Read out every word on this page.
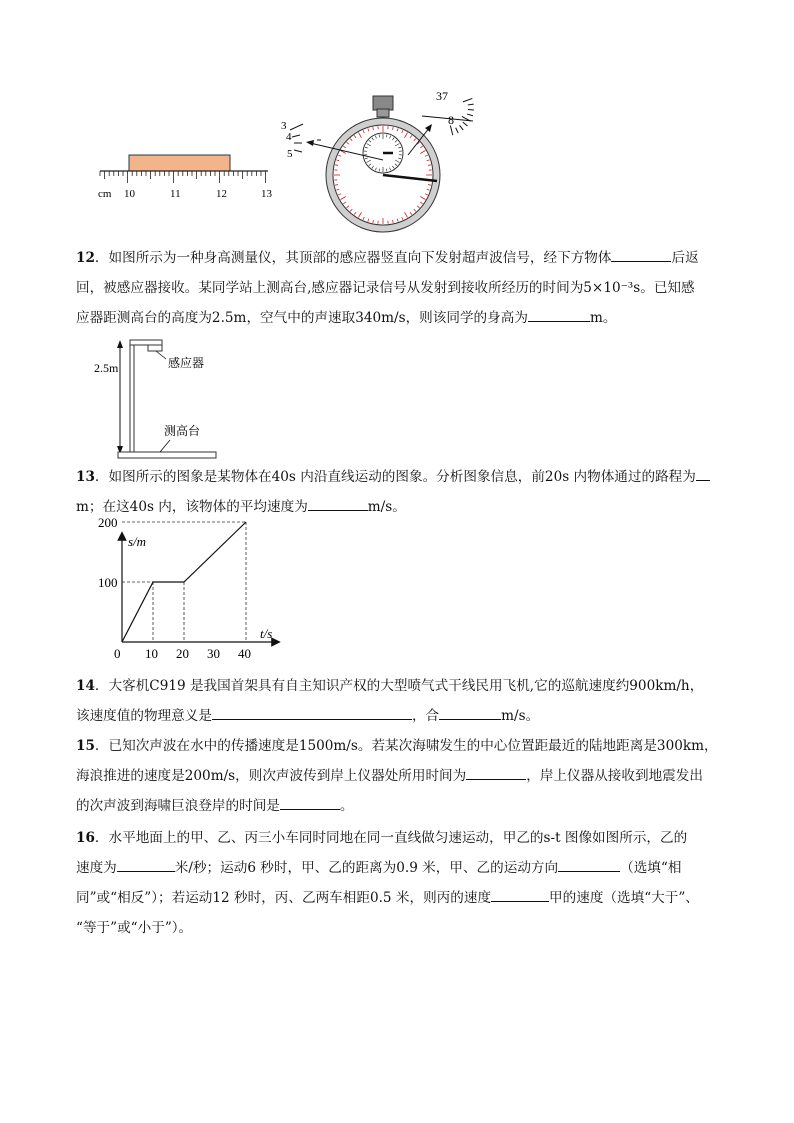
cm 10	11	12	13
3
4
5
37
8
12．如图所示为一种身高测量仪，其顶部的感应器竖直向下发射超声波信号，经下方物体	后返
回，被感应器接收。某同学站上测高台,感应器记录信号从发射到接收所经历的时间为5×10⁻³s。已知感
应器距测高台的高度为2.5m，空气中的声速取340m/s，则该同学的身高为	m。
2.5m	感应器
测高台
13．如图所示的图象是某物体在40s 内沿直线运动的图象。分析图象信息，前20s 内物体通过的路程为
m；在这40s 内，该物体的平均速度为	m/s。
0 10 20 30 40
100
200
s/m
t/s
14．大客机C919 是我国首架具有自主知识产权的大型喷气式干线民用飞机,它的巡航速度约900km/h，
该速度值的物理意义是	，合	m/s。
15．已知次声波在水中的传播速度是1500m/s。若某次海啸发生的中心位置距最近的陆地距离是300km，
海浪推进的速度是200m/s，则次声波传到岸上仪器处所用时间为	，岸上仪器从接收到地震发出
的次声波到海啸巨浪登岸的时间是	。
16．水平地面上的甲、乙、丙三小车同时同地在同一直线做匀速运动，甲乙的s-t 图像如图所示，乙的
速度为	米/秒；运动6 秒时，甲、乙的距离为0.9 米，甲、乙的运动方向	（选填“相
同”或“相反”）；若运动12 秒时，丙、乙两车相距0.5 米，则丙的速度	甲的速度（选填“大于”、
“等于”或“小于”）。
